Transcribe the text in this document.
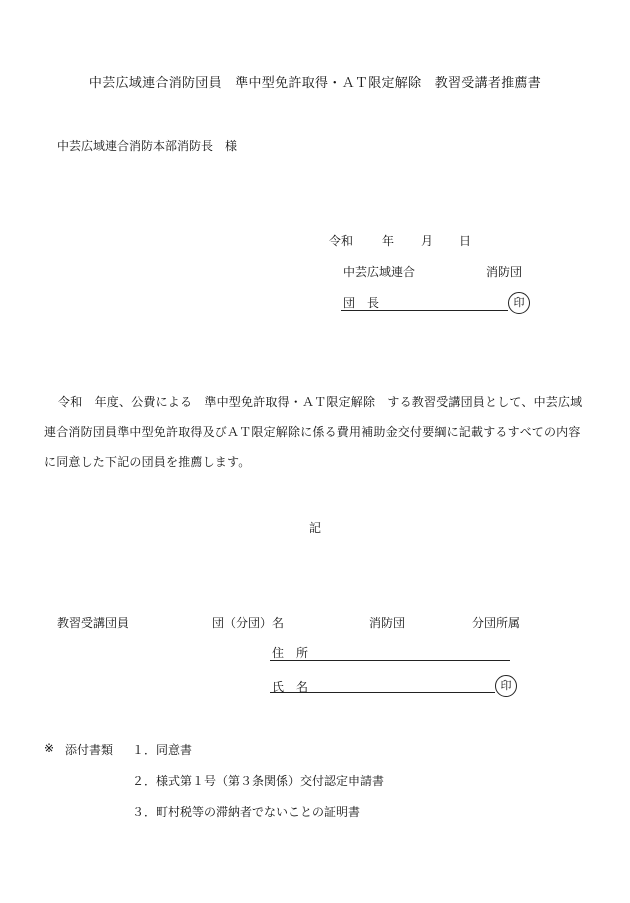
中芸広域連合消防団員　準中型免許取得・ＡＴ限定解除　教習受講者推薦書
中芸広域連合消防本部消防長　様
令和 年 月 日
中芸広域連合	消防団
団　長	印
令和　年度、公費による　準中型免許取得・ＡＴ限定解除　する教習受講団員として、中芸広域連合消防団員準中型免許取得及びＡＴ限定解除に係る費用補助金交付要綱に記載するすべての内容に同意した下記の団員を推薦します。
記
教習受講団員	団（分団）名	消防団	分団所属
住　所
氏　名	印
※ 添付書類 １．同意書
２．様式第１号（第３条関係）交付認定申請書
３．町村税等の滞納者でないことの証明書
